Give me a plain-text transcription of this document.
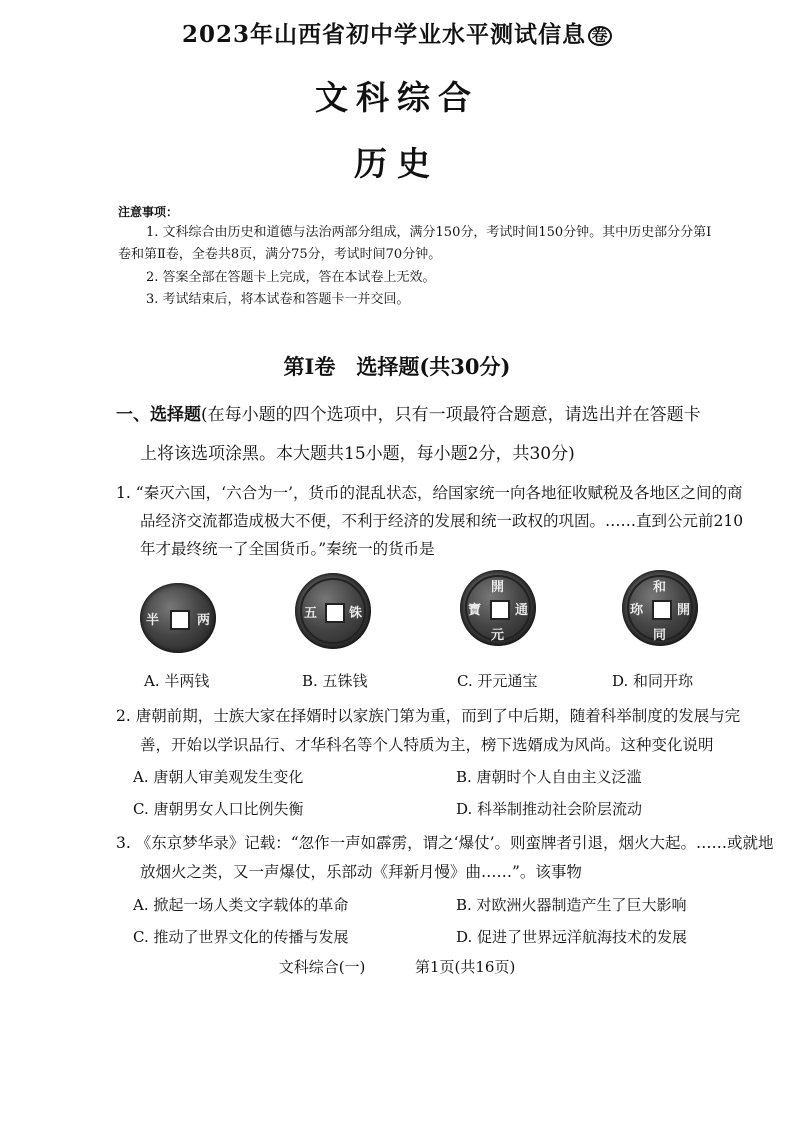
2023年山西省初中学业水平测试信息 卷
文科综合
历史
注意事项：
1. 文科综合由历史和道德与法治两部分组成，满分150分，考试时间150分钟。其中历史部分分第Ⅰ
卷和第Ⅱ卷，全卷共8页，满分75分，考试时间70分钟。
2. 答案全部在答题卡上完成，答在本试卷上无效。
3. 考试结束后，将本试卷和答题卡一并交回。
第Ⅰ卷　选择题(共30分)
一、选择题(在每小题的四个选项中，只有一项最符合题意，请选出并在答题卡
上将该选项涂黑。本大题共15小题，每小题2分，共30分)
1. “秦灭六国，‘六合为一’，货币的混乱状态，给国家统一向各地征收赋税及各地区之间的商
品经济交流都造成极大不便，不利于经济的发展和统一政权的巩固。……直到公元前210
年才最终统一了全国货币。”秦统一的货币是
半	两	五 铢
開
元
通
寶
和
同
開
珎
A. 半两钱	B. 五铢钱	C. 开元通宝	D. 和同开珎
2. 唐朝前期，士族大家在择婿时以家族门第为重，而到了中后期，随着科举制度的发展与完
善，开始以学识品行、才华科名等个人特质为主，榜下选婿成为风尚。这种变化说明
A. 唐朝人审美观发生变化	B. 唐朝时个人自由主义泛滥
C. 唐朝男女人口比例失衡	D. 科举制推动社会阶层流动
3. 《东京梦华录》记载：“忽作一声如霹雳，谓之‘爆仗’。则蛮牌者引退，烟火大起。……或就地
放烟火之类，又一声爆仗，乐部动《拜新月慢》曲……”。该事物
A. 掀起一场人类文字载体的革命	B. 对欧洲火器制造产生了巨大影响
C. 推动了世界文化的传播与发展	D. 促进了世界远洋航海技术的发展
文科综合(一)	第1页(共16页)
